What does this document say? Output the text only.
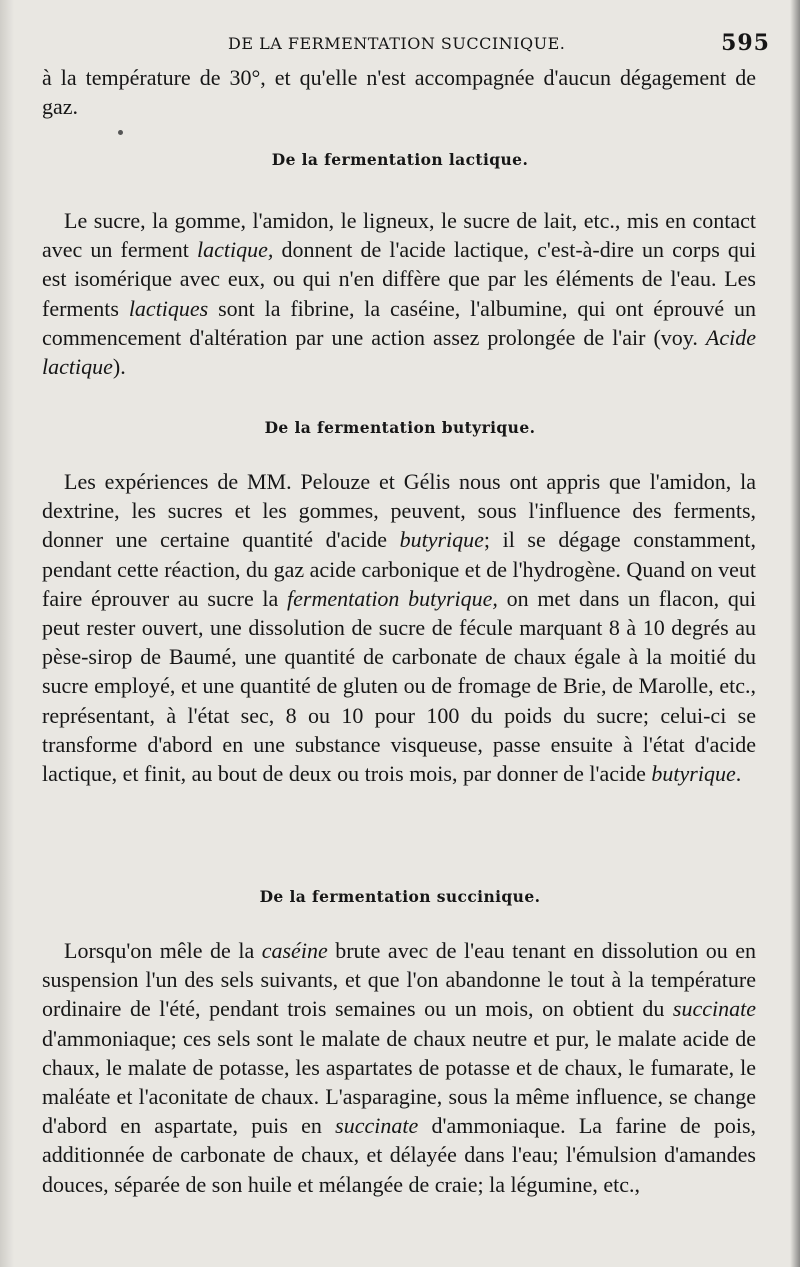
DE LA FERMENTATION SUCCINIQUE.	595

à la température de 30°, et qu'elle n'est accompagnée d'aucun dégagement de gaz.

De la fermentation lactique.

Le sucre, la gomme, l'amidon, le ligneux, le sucre de lait, etc., mis en contact avec un ferment lactique, donnent de l'acide lactique, c'est-à-dire un corps qui est isomérique avec eux, ou qui n'en diffère que par les éléments de l'eau. Les ferments lactiques sont la fibrine, la caséine, l'albumine, qui ont éprouvé un commencement d'altération par une action assez prolongée de l'air (voy. Acide lactique).

De la fermentation butyrique.

Les expériences de MM. Pelouze et Gélis nous ont appris que l'amidon, la dextrine, les sucres et les gommes, peuvent, sous l'influence des ferments, donner une certaine quantité d'acide butyrique; il se dégage constamment, pendant cette réaction, du gaz acide carbonique et de l'hydrogène. Quand on veut faire éprouver au sucre la fermentation butyrique, on met dans un flacon, qui peut rester ouvert, une dissolution de sucre de fécule marquant 8 à 10 degrés au pèse-sirop de Baumé, une quantité de carbonate de chaux égale à la moitié du sucre employé, et une quantité de gluten ou de fromage de Brie, de Marolle, etc., représentant, à l'état sec, 8 ou 10 pour 100 du poids du sucre; celui-ci se transforme d'abord en une substance visqueuse, passe ensuite à l'état d'acide lactique, et finit, au bout de deux ou trois mois, par donner de l'acide butyrique.

De la fermentation succinique.

Lorsqu'on mêle de la caséine brute avec de l'eau tenant en dissolution ou en suspension l'un des sels suivants, et que l'on abandonne le tout à la température ordinaire de l'été, pendant trois semaines ou un mois, on obtient du succinate d'ammoniaque; ces sels sont le malate de chaux neutre et pur, le malate acide de chaux, le malate de potasse, les aspartates de potasse et de chaux, le fumarate, le maléate et l'aconitate de chaux. L'asparagine, sous la même influence, se change d'abord en aspartate, puis en succinate d'ammoniaque. La farine de pois, additionnée de carbonate de chaux, et délayée dans l'eau; l'émulsion d'amandes douces, séparée de son huile et mélangée de craie; la légumine, etc.,
